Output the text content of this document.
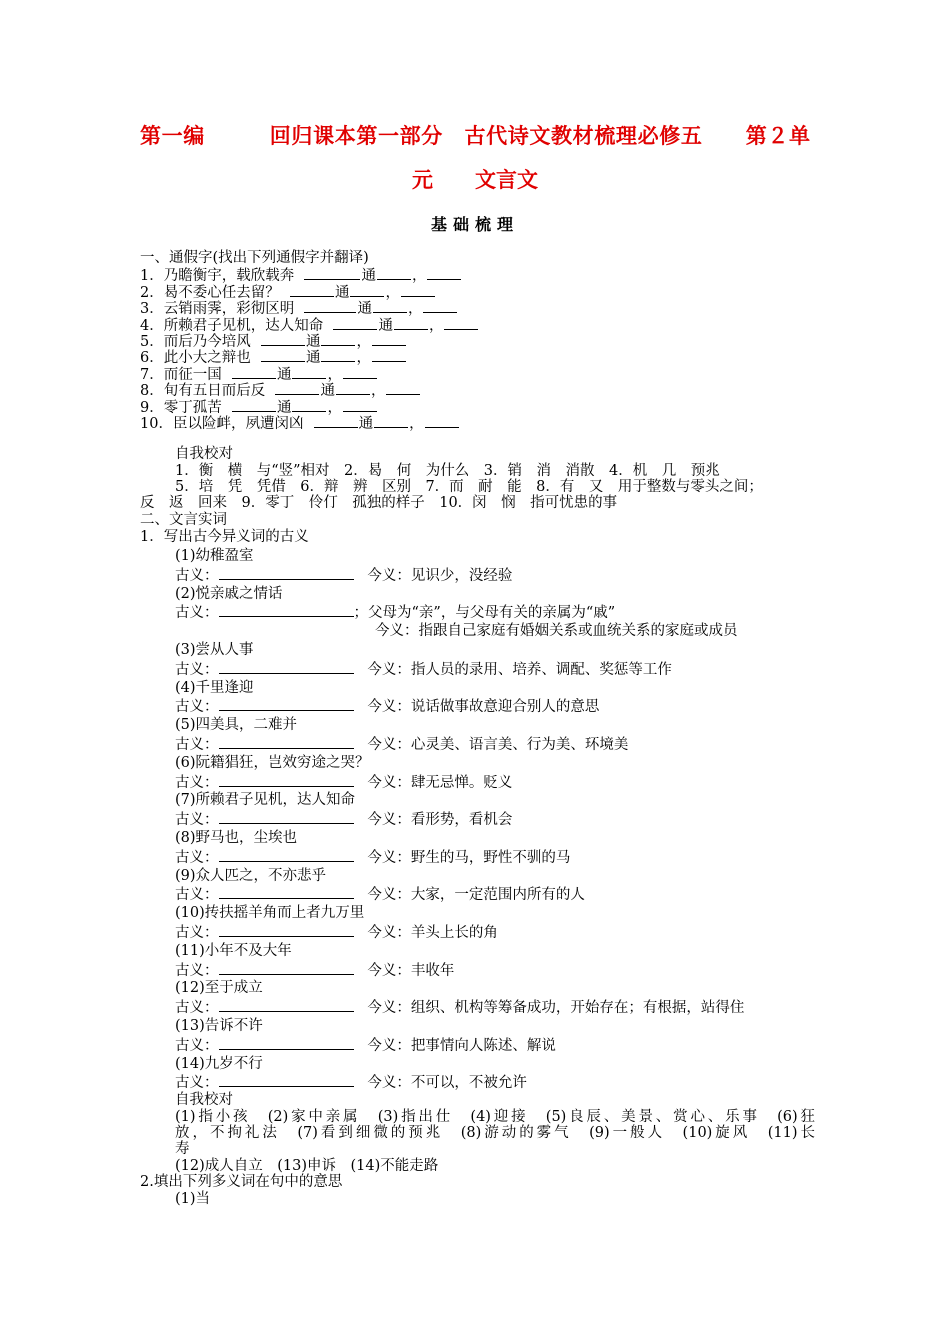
第一编　　　回归课本第一部分　古代诗文教材梳理必修五　　第２单
元　　文言文
基础梳理
一、通假字(找出下列通假字并翻译)
1．乃瞻衡宇，载欣载奔	通 ，
2．曷不委心任去留？	通 ，
3．云销雨霁，彩彻区明	通 ，
4．所赖君子见机，达人知命	通 ，
5．而后乃今培风	通 ，
6．此小大之辩也	通 ，
7．而征一国	通 ，
8．旬有五日而后反	通 ，
9．零丁孤苦	通 ，
10．臣以险衅，夙遭闵凶	通 ，
自我校对
1．衡　横　与“竖”相对　2．曷　何　为什么　3．销　消　消散　4．机　几　预兆
5．培　凭　凭借　6．辩　辨　区别　7．而　耐　能　8．有　又　用于整数与零头之间；
反　返　回来　9．零丁　伶仃　孤独的样子　10．闵　悯　指可忧患的事
二、文言实词
1．写出古今异义词的古义
(1)幼稚盈室
古义：	今义：见识少，没经验
(2)悦亲戚之情话
古义：	；父母为“亲”，与父母有关的亲属为“戚”
今义：指跟自己家庭有婚姻关系或血统关系的家庭或成员
(3)尝从人事
古义：	今义：指人员的录用、培养、调配、奖惩等工作
(4)千里逢迎
古义：	今义：说话做事故意迎合别人的意思
(5)四美具，二难并
古义：	今义：心灵美、语言美、行为美、环境美
(6)阮籍猖狂，岂效穷途之哭？
古义：	今义：肆无忌惮。贬义
(7)所赖君子见机，达人知命
古义：	今义：看形势，看机会
(8)野马也，尘埃也
古义：	今义：野生的马，野性不驯的马
(9)众人匹之，不亦悲乎
古义：	今义：大家，一定范围内所有的人
(10)抟扶摇羊角而上者九万里
古义：	今义：羊头上长的角
(11)小年不及大年
古义：	今义：丰收年
(12)至于成立
古义：	今义：组织、机构等筹备成功，开始存在；有根据，站得住
(13)告诉不许
古义：	今义：把事情向人陈述、解说
(14)九岁不行
古义：	今义：不可以，不被允许
自我校对
(1)指小孩　(2)家中亲属　(3)指出仕　(4)迎接　(5)良辰、美景、赏心、乐事　(6)狂
放，不拘礼法　(7)看到细微的预兆　(8)游动的雾气　(9)一般人　(10)旋风　(11)长
寿
(12)成人自立　(13)申诉　(14)不能走路
2.填出下列多义词在句中的意思
(1)当
